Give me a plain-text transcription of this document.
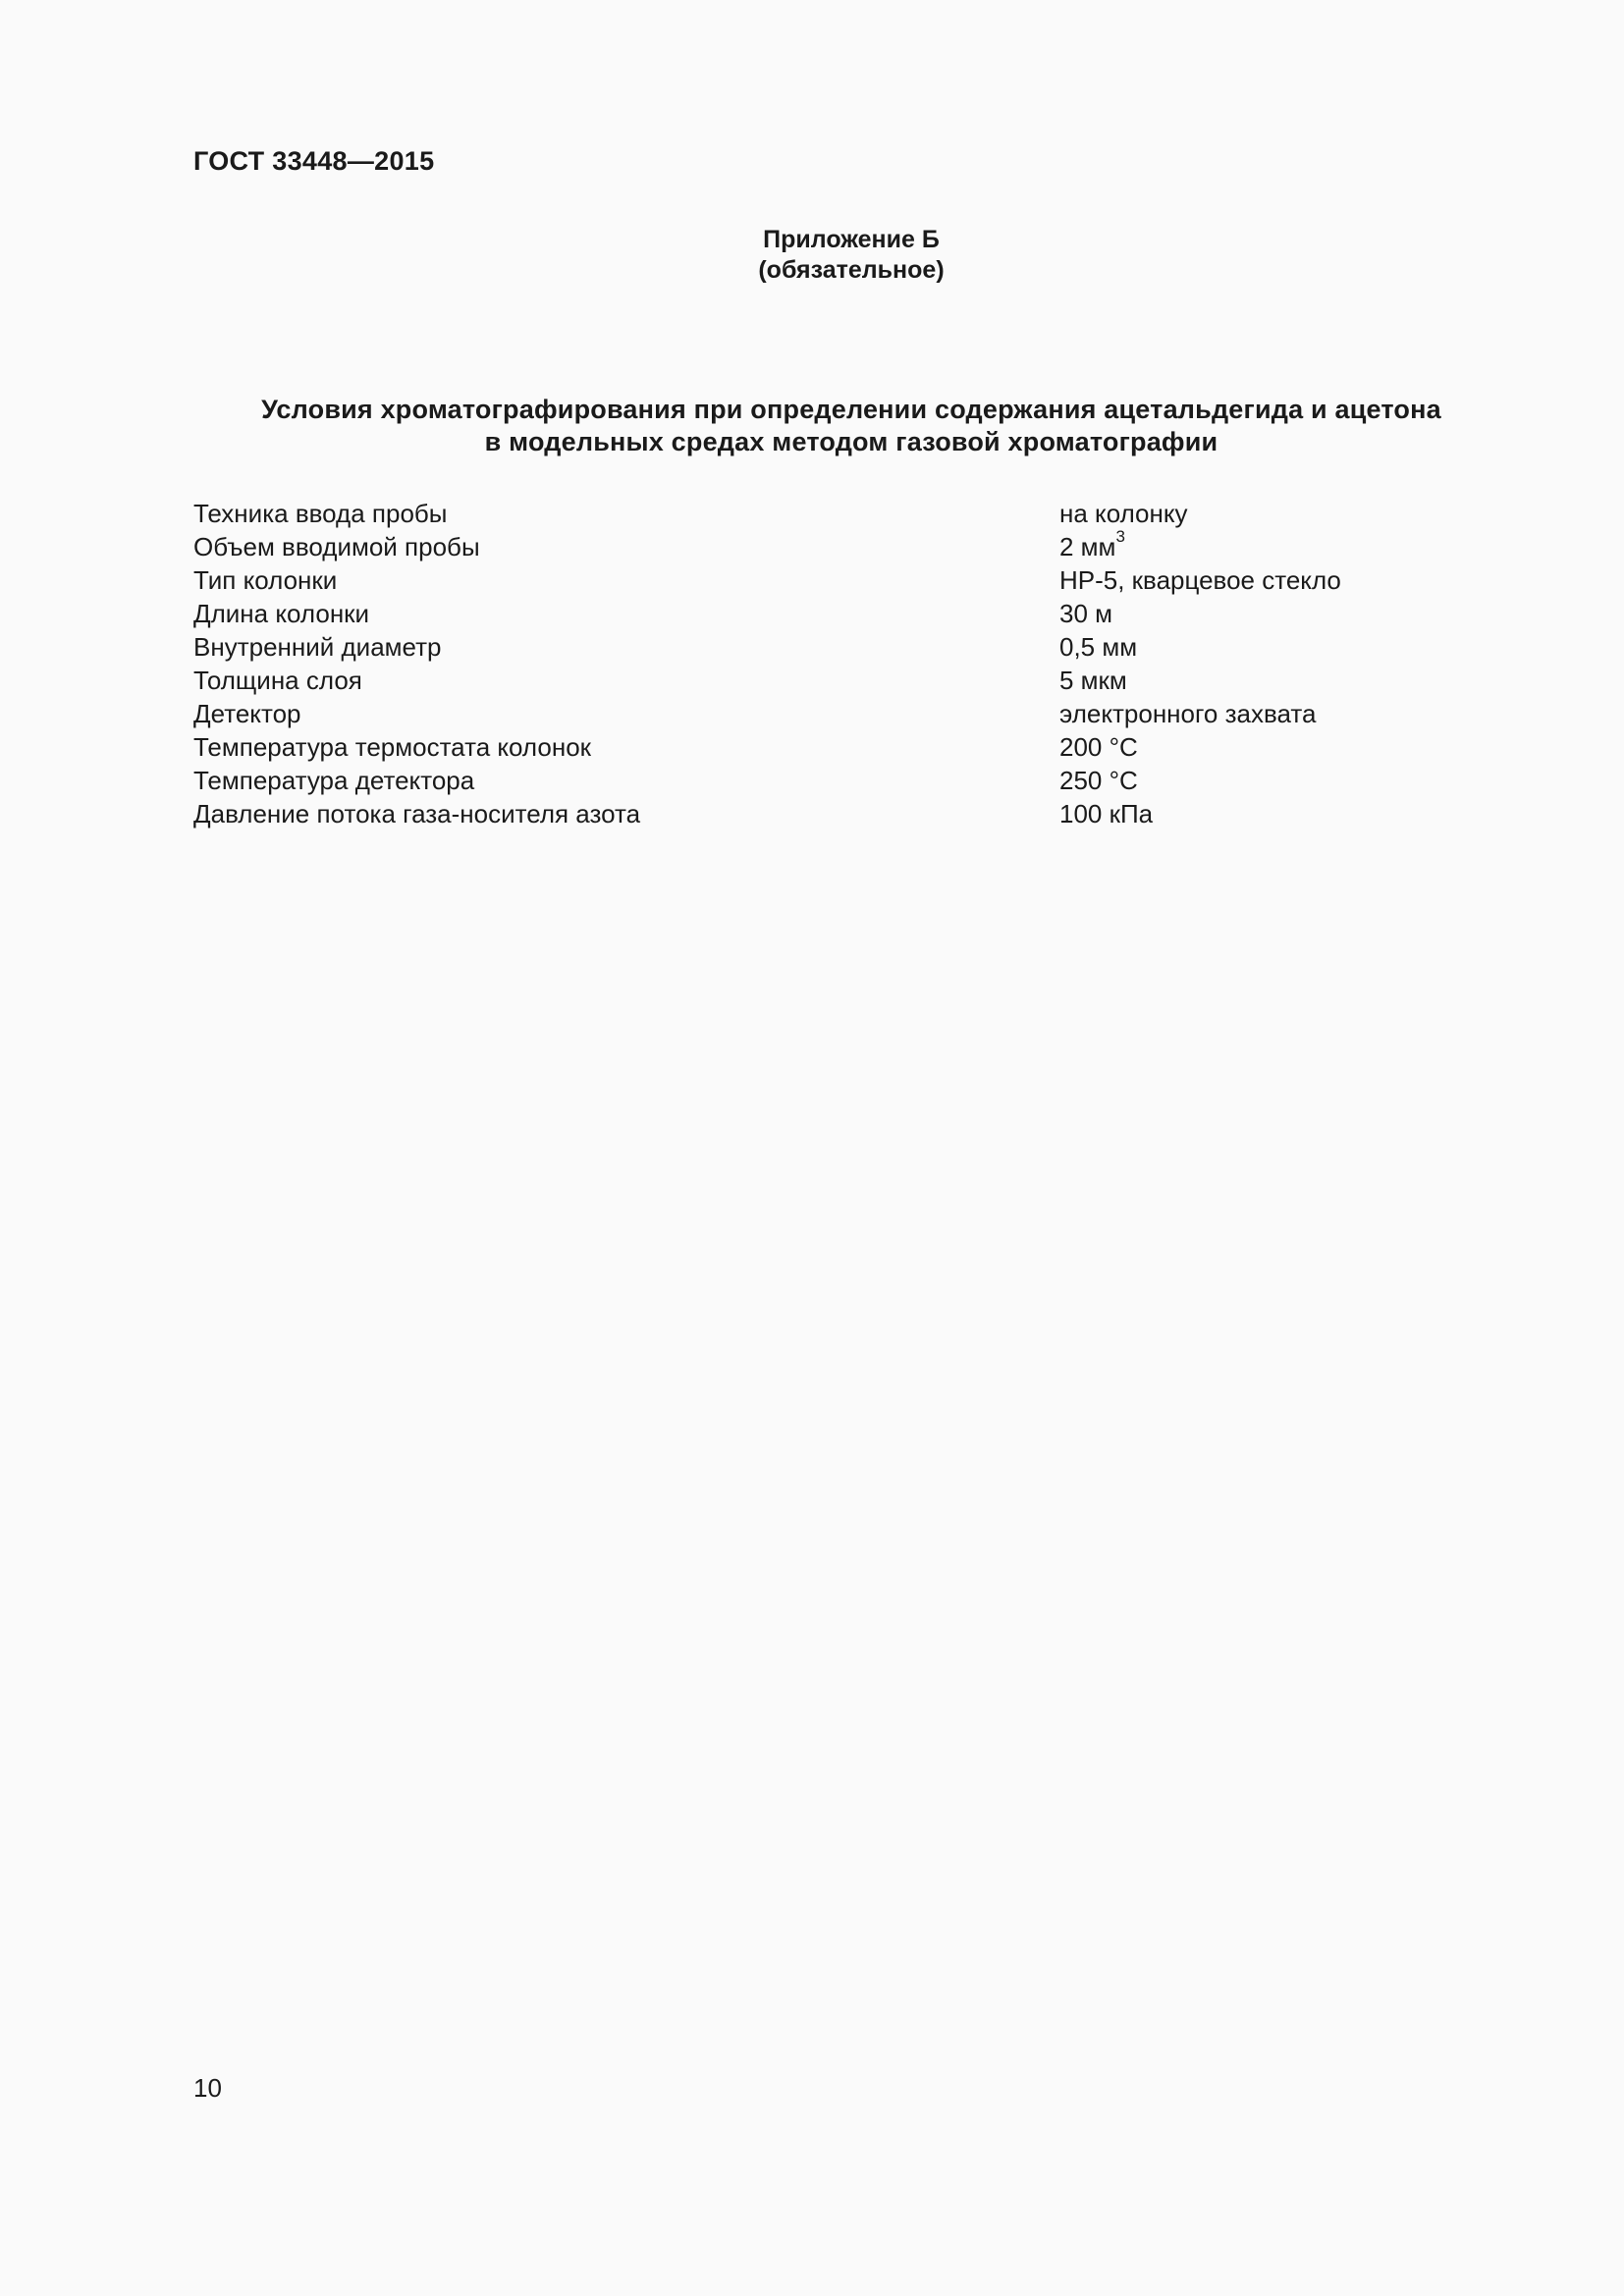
ГОСТ 33448—2015
Приложение Б
(обязательное)
Условия хроматографирования при определении содержания ацетальдегида и ацетона
в модельных средах методом газовой хроматографии
Техника ввода пробы	на колонку
Объем вводимой пробы	2 $мм^3$
Тип колонки	НР-5, кварцевое стекло
Длина колонки	30 м
Внутренний диаметр	0,5 мм
Толщина слоя	5 мкм
Детектор	электронного захвата
Температура термостата колонок	200 °С
Температура детектора	250 °С
Давление потока газа-носителя азота	100 кПа
10
